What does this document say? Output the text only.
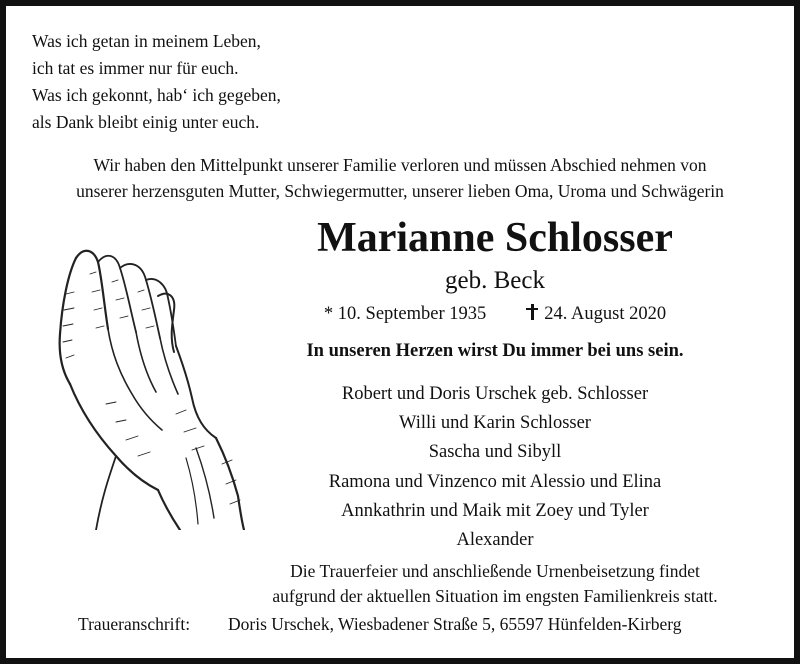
Was ich getan in meinem Leben,
ich tat es immer nur für euch.
Was ich gekonnt, hab‘ ich gegeben,
als Dank bleibt einig unter euch.
Wir haben den Mittelpunkt unserer Familie verloren und müssen Abschied nehmen von
unserer herzensguten Mutter, Schwiegermutter, unserer lieben Oma, Uroma und Schwägerin
Marianne Schlosser
geb. Beck
* 10. September 1935	24. August 2020
In unseren Herzen wirst Du immer bei uns sein.
Robert und Doris Urschek geb. Schlosser
Willi und Karin Schlosser
Sascha und Sibyll
Ramona und Vinzenco mit Alessio und Elina
Annkathrin und Maik mit Zoey und Tyler
Alexander
Die Trauerfeier und anschließende Urnenbeisetzung findet
aufgrund der aktuellen Situation im engsten Familienkreis statt.
Traueranschrift: Doris Urschek, Wiesbadener Straße 5, 65597 Hünfelden-Kirberg
